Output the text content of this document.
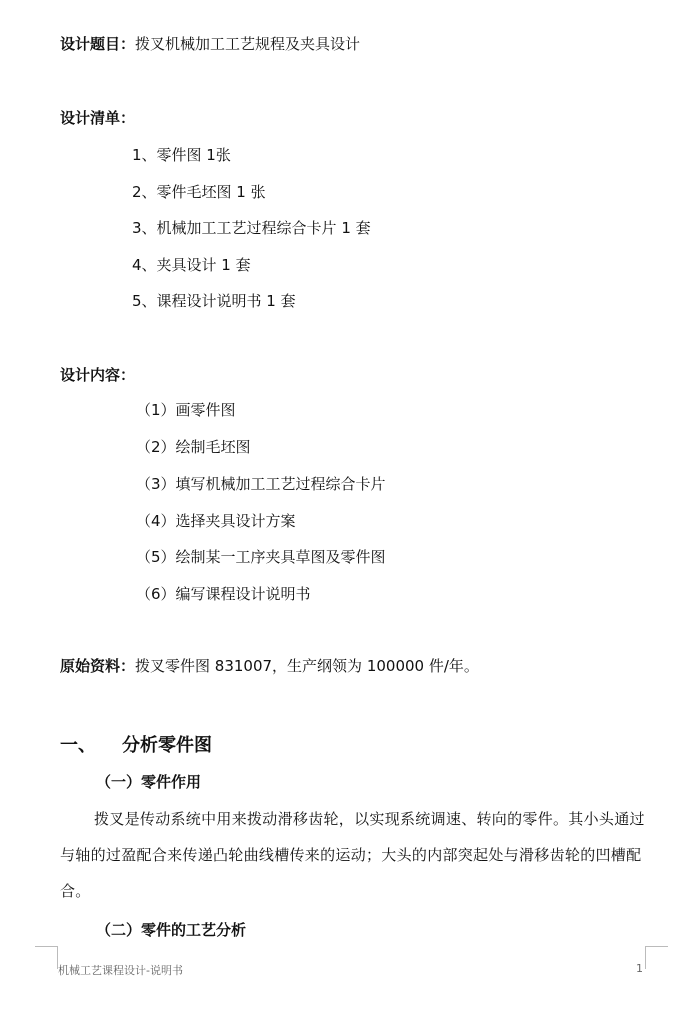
设计题目：拨叉机械加工工艺规程及夹具设计
设计清单：
1、零件图 1张
2、零件毛坯图 1 张
3、机械加工工艺过程综合卡片 1 套
4、夹具设计 1 套
5、课程设计说明书 1 套
设计内容：
（1）画零件图
（2）绘制毛坯图
（3）填写机械加工工艺过程综合卡片
（4）选择夹具设计方案
（5）绘制某一工序夹具草图及零件图
（6）编写课程设计说明书
原始资料：拨叉零件图 831007，生产纲领为 100000 件/年。
一、 分析零件图
（一）零件作用
拨叉是传动系统中用来拨动滑移齿轮，以实现系统调速、转向的零件。其小头通过与轴的过盈配合来传递凸轮曲线槽传来的运动；大头的内部突起处与滑移齿轮的凹槽配合。
（二）零件的工艺分析
机械工艺课程设计-说明书	1
